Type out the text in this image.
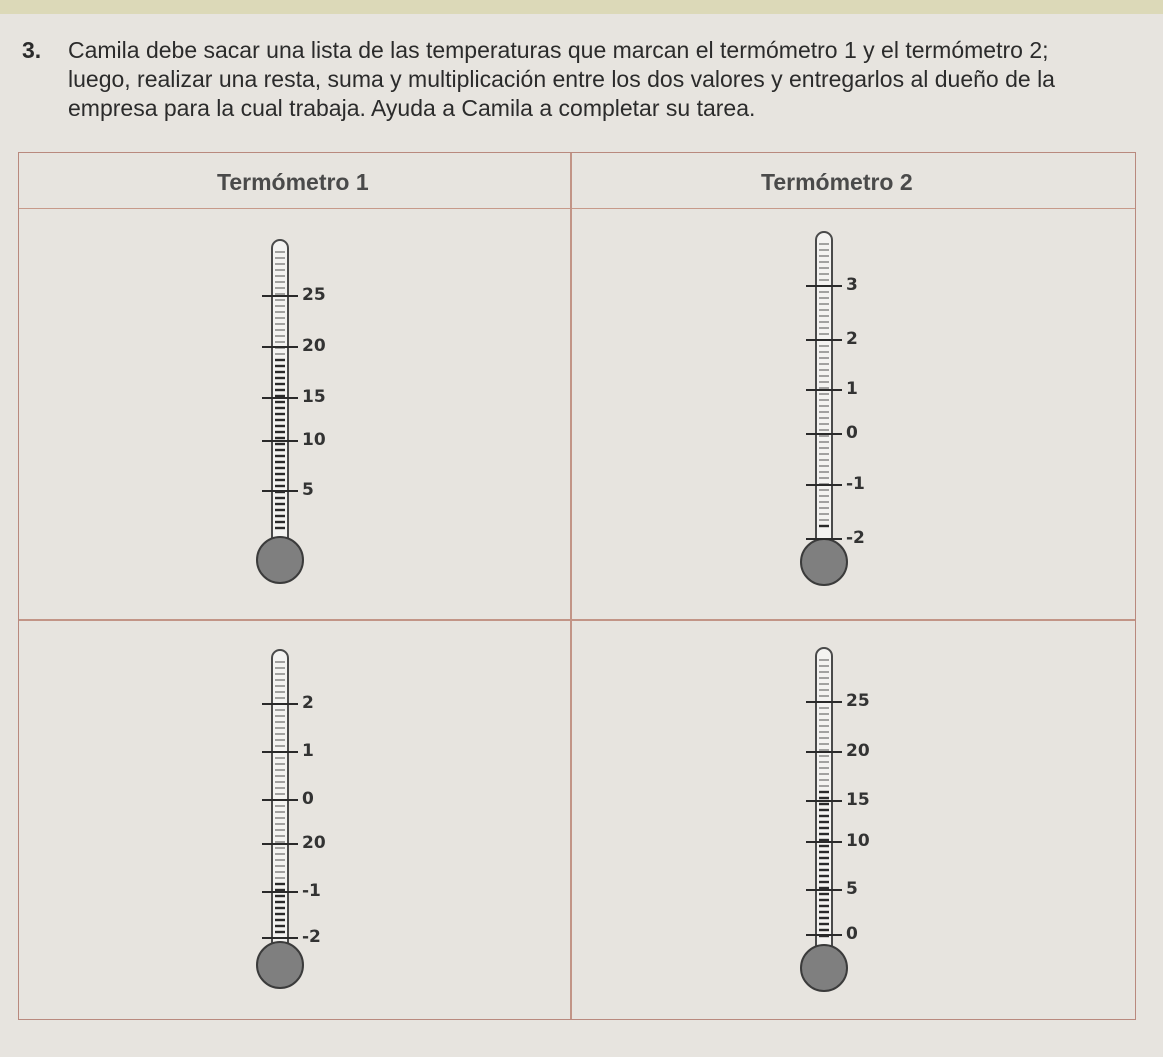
3. Camila debe sacar una lista de las temperaturas que marcan el termómetro 1 y el termómetro 2;
luego, realizar una resta, suma y multiplicación entre los dos valores y entregarlos al dueño de la
empresa para la cual trabaja. Ayuda a Camila a completar su tarea.
Termómetro 1	Termómetro 2
25
20
15
10
5
3
2
1
0
-1
-2
2
1
0
20
-1
-2
25
20
15
10
5
0
